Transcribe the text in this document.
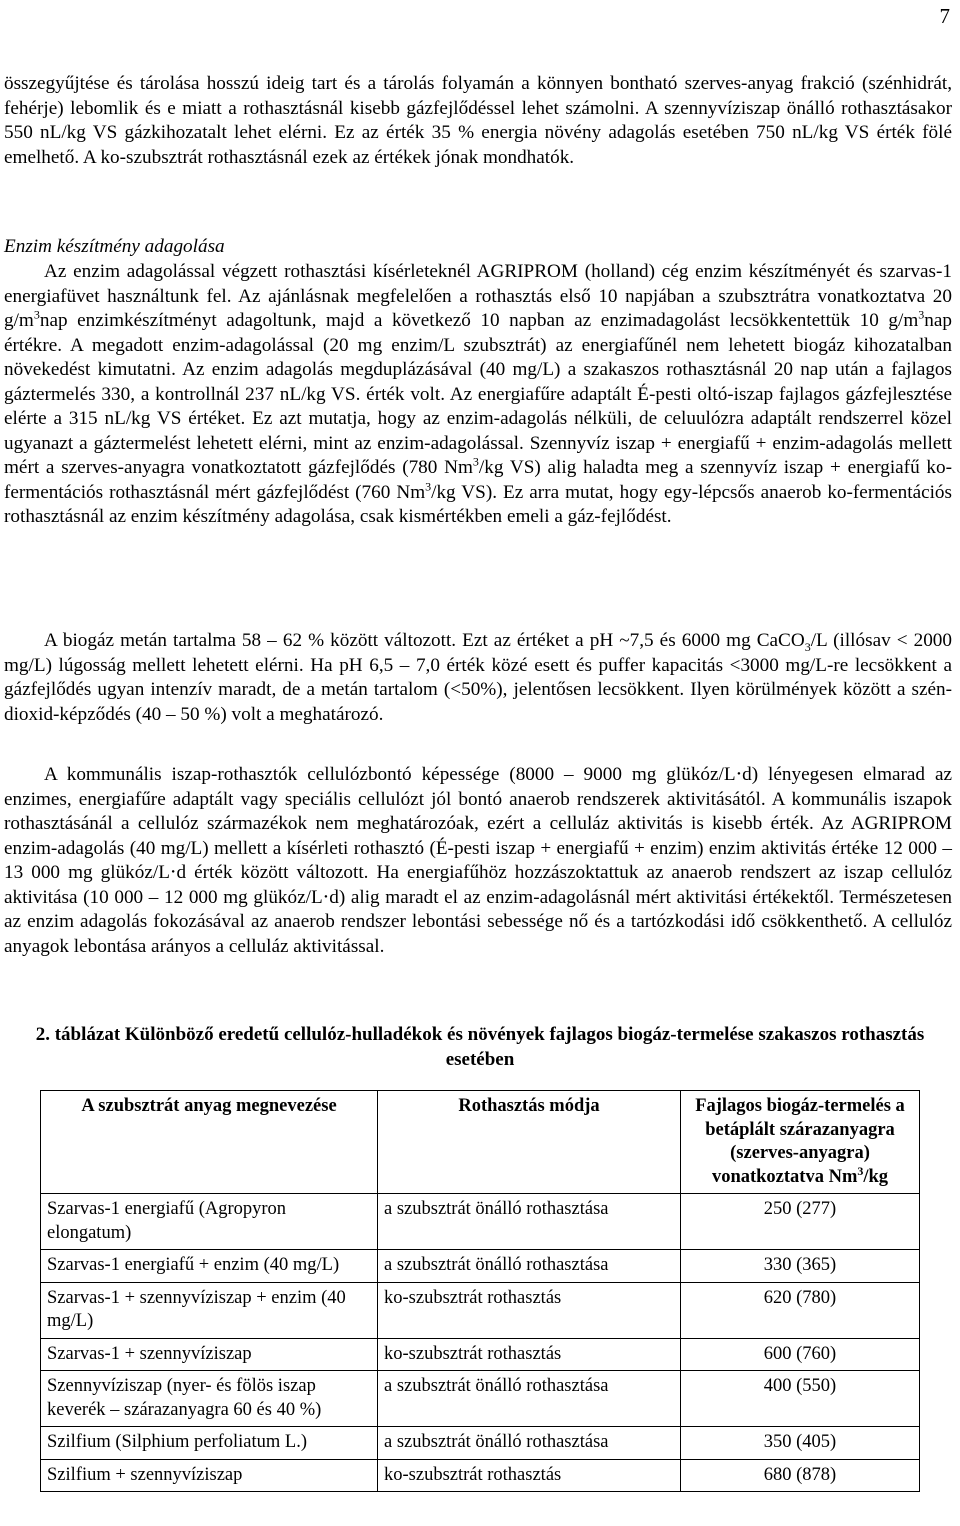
7
összegyűjtése és tárolása hosszú ideig tart és a tárolás folyamán a könnyen bontható szerves-anyag frakció (szénhidrát, fehérje) lebomlik és e miatt a rothasztásnál kisebb gázfejlődéssel lehet számolni. A szennyvíziszap önálló rothasztásakor 550 nL/kg VS gázkihozatalt lehet elérni. Ez az érték 35 % energia növény adagolás esetében 750 nL/kg VS érték fölé emelhető. A ko-szubsztrát rothasztásnál ezek az értékek jónak mondhatók.
Enzim készítmény adagolása
Az enzim adagolással végzett rothasztási kísérleteknél AGRIPROM (holland) cég enzim készítményét és szarvas-1 energiafüvet használtunk fel. Az ajánlásnak megfelelően a rothasztás első 10 napjában a szubsztrátra vonatkoztatva 20 $g/m^3nap$ enzimkészítményt adagoltunk, majd a következő 10 napban az enzimadagolást lecsökkentettük 10 $g/m^3nap$ értékre. A megadott enzim-adagolással (20 mg enzim/L szubsztrát) az energiafűnél nem lehetett biogáz kihozatalban növekedést kimutatni. Az enzim adagolás megduplázásával (40 mg/L) a szakaszos rothasztásnál 20 nap után a fajlagos gáztermelés 330, a kontrollnál 237 nL/kg VS. érték volt. Az energiafűre adaptált É-pesti oltó-iszap fajlagos gázfejlesztése elérte a 315 nL/kg VS értéket. Ez azt mutatja, hogy az enzim-adagolás nélküli, de celuulózra adaptált rendszerrel közel ugyanazt a gáztermelést lehetett elérni, mint az enzim-adagolással. Szennyvíz iszap + energiafű + enzim-adagolás mellett mért a szerves-anyagra vonatkoztatott gázfejlődés (780 Nm$^3$/kg VS) alig haladta meg a szennyvíz iszap + energiafű ko-fermentációs rothasztásnál mért gázfejlődést (760 Nm$^3$/kg VS). Ez arra mutat, hogy egy-lépcsős anaerob ko-fermentációs rothasztásnál az enzim készítmény adagolása, csak kismértékben emeli a gáz-fejlődést.
A biogáz metán tartalma 58 – 62 % között változott. Ezt az értéket a pH ~7,5 és 6000 mg CaCO$_3$/L (illósav < 2000 mg/L) lúgosság mellett lehetett elérni. Ha pH 6,5 – 7,0 érték közé esett és puffer kapacitás <3000 mg/L-re lecsökkent a gázfejlődés ugyan intenzív maradt, de a metán tartalom (<50%), jelentősen lecsökkent. Ilyen körülmények között a szén-dioxid-képződés (40 – 50 %) volt a meghatározó.
A kommunális iszap-rothasztók cellulózbontó képessége (8000 – 9000 mg glükóz/L⋅d) lényegesen elmarad az enzimes, energiafűre adaptált vagy speciális cellulózt jól bontó anaerob rendszerek aktivitásától. A kommunális iszapok rothasztásánál a cellulóz származékok nem meghatározóak, ezért a celluláz aktivitás is kisebb érték. Az AGRIPROM enzim-adagolás (40 mg/L) mellett a kísérleti rothasztó (É-pesti iszap + energiafű + enzim) enzim aktivitás értéke 12 000 – 13 000 mg glükóz/L⋅d érték között változott. Ha energiafűhöz hozzászoktattuk az anaerob rendszert az iszap cellulóz aktivitása (10 000 – 12 000 mg glükóz/L⋅d) alig maradt el az enzim-adagolásnál mért aktivitási értékektől. Természetesen az enzim adagolás fokozásával az anaerob rendszer lebontási sebessége nő és a tartózkodási idő csökkenthető. A cellulóz anyagok lebontása arányos a celluláz aktivitással.
2. táblázat Különböző eredetű cellulóz-hulladékok és növények fajlagos biogáz-termelése szakaszos rothasztás esetében
A szubsztrát anyag megnevezése	Rothasztás módja	Fajlagos biogáz-termelés a betáplált szárazanyagra (szerves-anyagra) vonatkoztatva Nm$^3$/kg
Szarvas-1 energiafű (Agropyron elongatum)	a szubsztrát önálló rothasztása	250 (277)
Szarvas-1 energiafű + enzim (40 mg/L)	a szubsztrát önálló rothasztása	330 (365)
Szarvas-1 + szennyvíziszap + enzim (40 mg/L)	ko-szubsztrát rothasztás	620 (780)
Szarvas-1 + szennyvíziszap	ko-szubsztrát rothasztás	600 (760)
Szennyvíziszap (nyer- és fölös iszap keverék – szárazanyagra 60 és 40 %)	a szubsztrát önálló rothasztása	400 (550)
Szilfium (Silphium perfoliatum L.)	a szubsztrát önálló rothasztása	350 (405)
Szilfium + szennyvíziszap	ko-szubsztrát rothasztás	680 (878)
